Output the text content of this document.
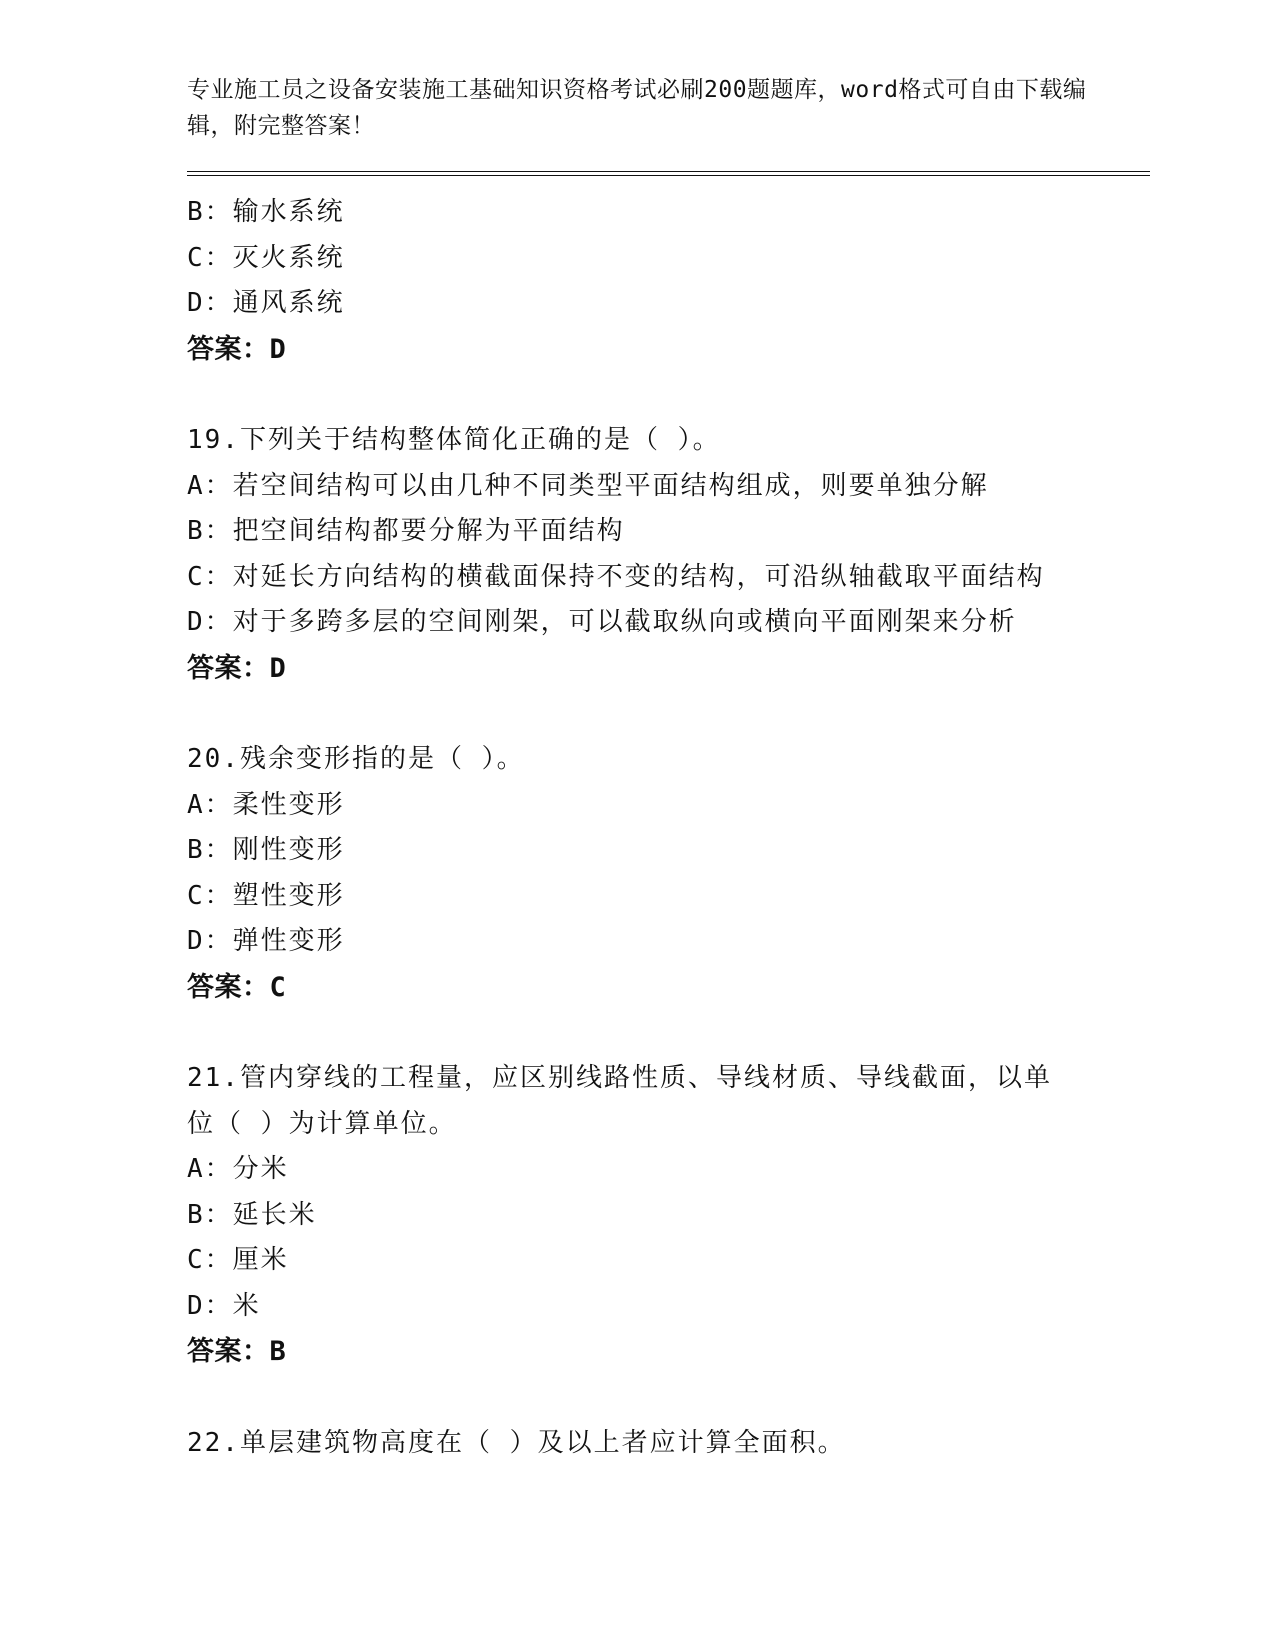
专业施工员之设备安装施工基础知识资格考试必刷200题题库，word格式可自由下载编辑，附完整答案！
B：输水系统
C：灭火系统
D：通风系统
答案：D
19.下列关于结构整体简化正确的是（ ）。
A：若空间结构可以由几种不同类型平面结构组成，则要单独分解
B：把空间结构都要分解为平面结构
C：对延长方向结构的横截面保持不变的结构，可沿纵轴截取平面结构
D：对于多跨多层的空间刚架，可以截取纵向或横向平面刚架来分析
答案：D
20.残余变形指的是（ ）。
A：柔性变形
B：刚性变形
C：塑性变形
D：弹性变形
答案：C
21.管内穿线的工程量，应区别线路性质、导线材质、导线截面，以单位（ ）为计算单位。
A：分米
B：延长米
C：厘米
D：米
答案：B
22.单层建筑物高度在（ ）及以上者应计算全面积。
